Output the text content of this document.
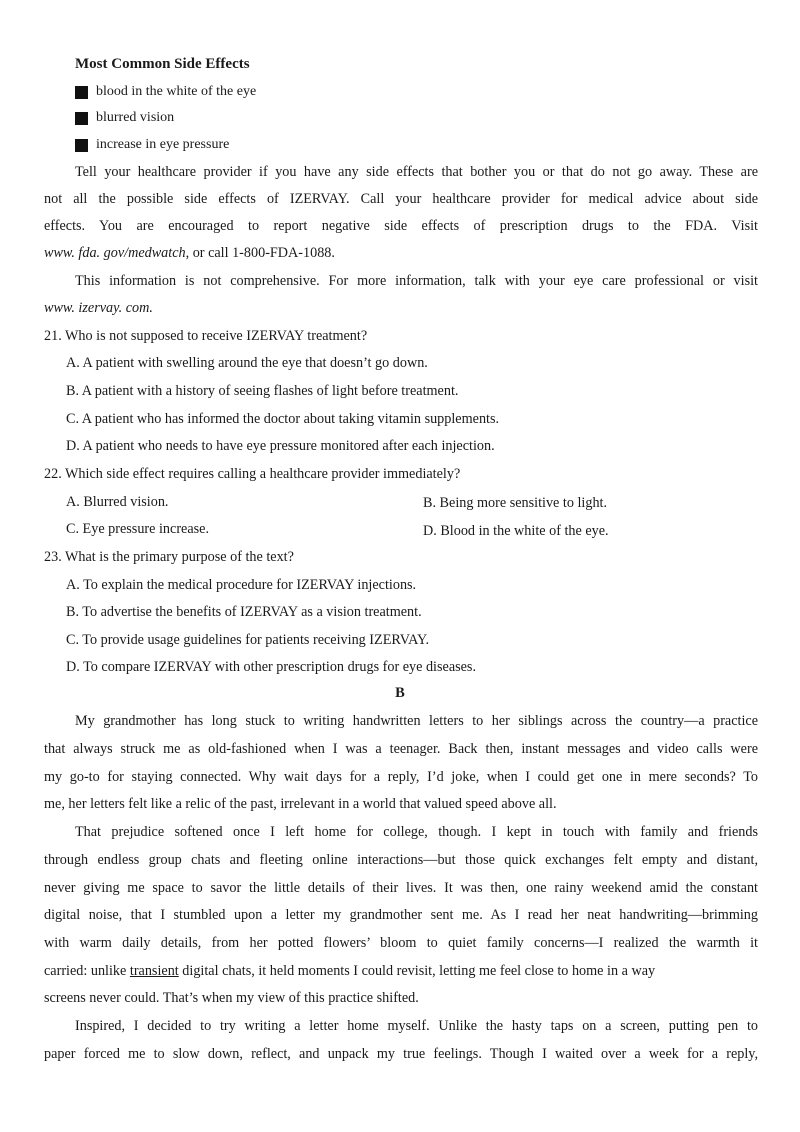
Most Common Side Effects
blood in the white of the eye
blurred vision
increase in eye pressure
Tell your healthcare provider if you have any side effects that bother you or that do not go away. These are
not all the possible side effects of IZERVAY. Call your healthcare provider for medical advice about side
effects. You are encouraged to report negative side effects of prescription drugs to the FDA. Visit
www. fda. gov/medwatch, or call 1-800-FDA-1088.
This information is not comprehensive. For more information, talk with your eye care professional or visit
www. izervay. com.
21. Who is not supposed to receive IZERVAY treatment?
A. A patient with swelling around the eye that doesn’t go down.
B. A patient with a history of seeing flashes of light before treatment.
C. A patient who has informed the doctor about taking vitamin supplements.
D. A patient who needs to have eye pressure monitored after each injection.
22. Which side effect requires calling a healthcare provider immediately?
A. Blurred vision.	B. Being more sensitive to light.
C. Eye pressure increase.	D. Blood in the white of the eye.
23. What is the primary purpose of the text?
A. To explain the medical procedure for IZERVAY injections.
B. To advertise the benefits of IZERVAY as a vision treatment.
C. To provide usage guidelines for patients receiving IZERVAY.
D. To compare IZERVAY with other prescription drugs for eye diseases.
B
My grandmother has long stuck to writing handwritten letters to her siblings across the country—a practice
that always struck me as old-fashioned when I was a teenager. Back then, instant messages and video calls were
my go-to for staying connected. Why wait days for a reply, I’d joke, when I could get one in mere seconds? To
me, her letters felt like a relic of the past, irrelevant in a world that valued speed above all.
That prejudice softened once I left home for college, though. I kept in touch with family and friends
through endless group chats and fleeting online interactions—but those quick exchanges felt empty and distant,
never giving me space to savor the little details of their lives. It was then, one rainy weekend amid the constant
digital noise, that I stumbled upon a letter my grandmother sent me. As I read her neat handwriting—brimming
with warm daily details, from her potted flowers’ bloom to quiet family concerns—I realized the warmth it
carried: unlike transient digital chats, it held moments I could revisit, letting me feel close to home in a way
screens never could. That’s when my view of this practice shifted.
Inspired, I decided to try writing a letter home myself. Unlike the hasty taps on a screen, putting pen to
paper forced me to slow down, reflect, and unpack my true feelings. Though I waited over a week for a reply,
